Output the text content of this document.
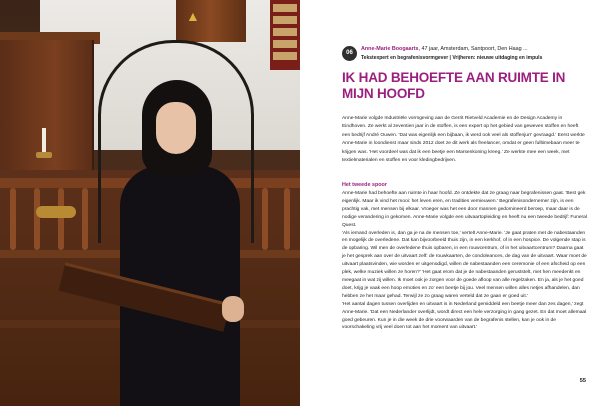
▲
06
Anne-Marie Boogaarts, 47 jaar, Amsterdam, Santpoort, Den Haag ...
Tekstexpert en begrafenisvormgever | Vrijheren: nieuwe uitdaging en impuls
IK HAD BEHOEFTE AAN RUIMTE IN MIJN HOOFD

Anne-Marie volgde Industriële vormgeving aan de Gerrit Rietveld Academie en de Design Academy in Eindhoven. Ze werkt al zeventien jaar in de stoffen, is een expert op het gebied van geweven stoffen en heeft een bedrijf André Ouwen. 'Dat was eigenlijk een bijbaan, ik werd ook veel als stoffenjurr' gevraagd.' Eerst werkte Anne-Marie in loondienst maar sinds 2012 doet ze dit werk als freelancer, omdat er geen fulltimebaan meer te krijgen was. 'Het voordeel was dat ik een beetje een Marsenkoning kreeg.' Ze werkte mee een week, met textielmaterialen en stoffen en voor kledingbedrijven.

Het tweede spoor

Anne-Marie had behoefte aan ruimte in haar hoofd. Ze ontdekte dat ze graag naar begrafenissen gaat. 'Best gek eigenlijk. Maar ik vind het mooi: het leven eren, en tradities vernieuwen.' Begrafenisondernemer zijn, is een prachtig vak, met mensen bij elkaar. Vroeger was het een door mannen gedomineerd beroep, maar daar is de nodige verandering in gekomen. Anne-Marie volgde een uitvaartopleiding en heeft nu een tweede bedrijf: Funeral Quest.

'Als iemand overleden is, dan ga je na de mensen toe,' vertelt Anne-Marie. 'Je gaat praten met de nabestaanden en mogelijk de overledene. Dat kan bijvoorbeeld thuis zijn, in een kerkhof, of in een hospice. De volgende stap is de opbaring. Wil men de overledene thuis opbaren, in een rouwcentrum, of in het uitvaartcentrum? Daarna gaat je het gesprek aan over de uitvaart zelf: de rouwkaarten, de condoleances, de dag van de uitvaart. Waar moet de uitvaart plaatsvinden, wie worden er uitgenodigd, willen de nabestaanden een ceremonie of een afscheid op een plek, welke muziek willen ze horen?' 'Het gaat erom dat je de nabestaanden geruststelt, met hen meedenkt en meegaat in wat zij willen. Ik moet ook je zorgen voor de goede afloop van alle regelzaken. En ja, als je het goed doet, krijg je vaak een hoop emoties en zo' een beetje bij jou. Veel mensen willen alles netjes afhandelen, dan hebben ze het maar gehad. Terwijl ze zo graag waren verteld dat ze gaan er goed uit.'

'Het aantal dagen tussen overlijden en uitvaart is in Nederland gemiddeld een beetje meer dan zes dagen,' zegt Anne-Marie. 'Dat een Nederlander overlijdt, wordt direct een hele verzorging in gang gezet. En dat moet allemaal goed gebeuren. Kun je in die week de drie voorwaarden van de begrafenis stellen, kan je ook in de voorschakeling vrij veel doen tot aan het moment van uitvaart.'

55
